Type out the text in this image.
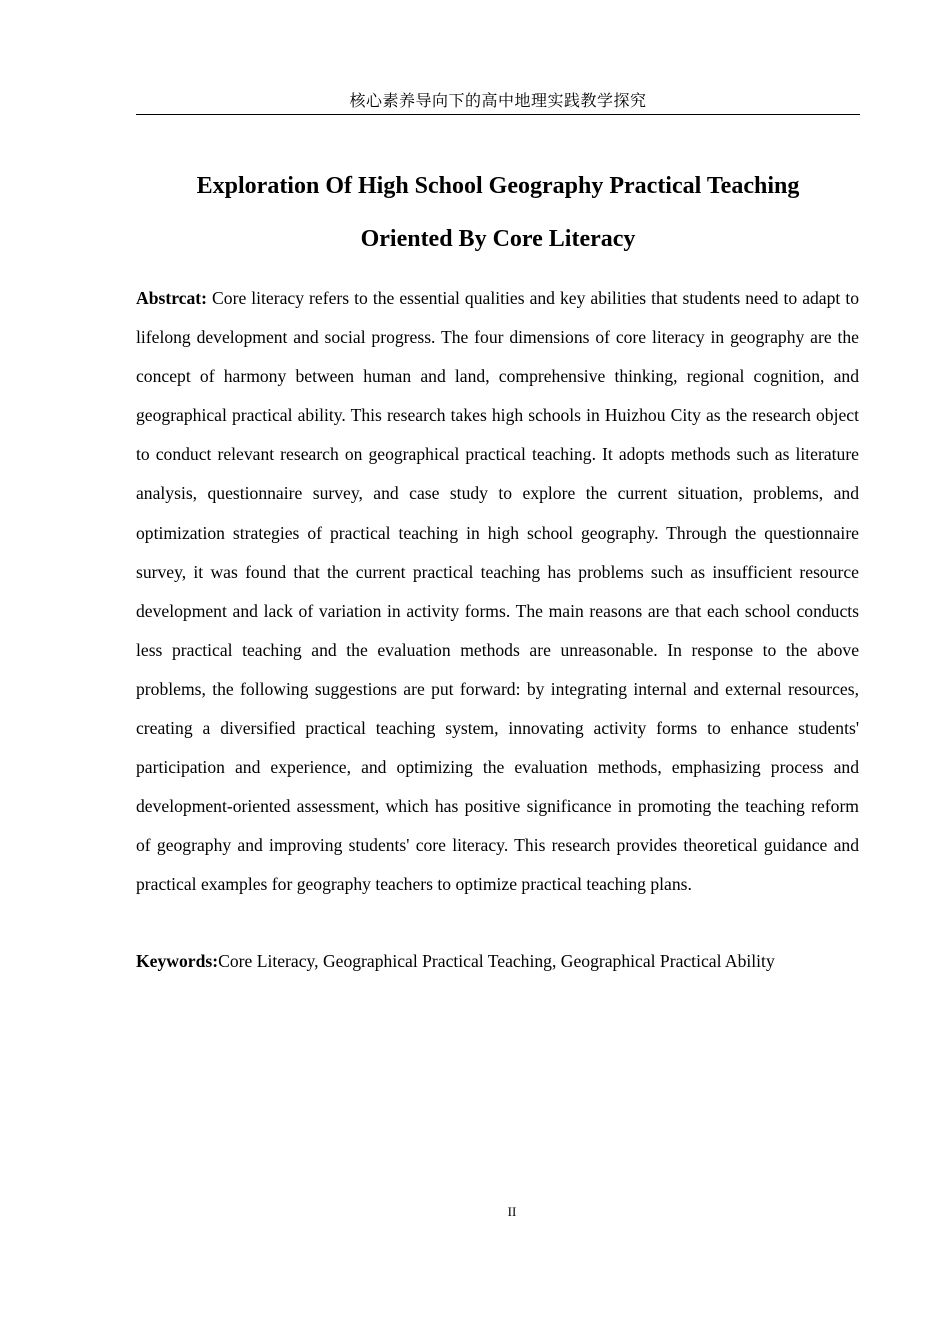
核心素养导向下的高中地理实践教学探究
Exploration Of High School Geography Practical Teaching
Oriented By Core Literacy

Abstrcat: Core literacy refers to the essential qualities and key abilities that students need to adapt to lifelong development and social progress. The four dimensions of core literacy in geography are the concept of harmony between human and land, comprehensive thinking, regional cognition, and geographical practical ability. This research takes high schools in Huizhou City as the research object to conduct relevant research on geographical practical teaching. It adopts methods such as literature analysis, questionnaire survey, and case study to explore the current situation, problems, and optimization strategies of practical teaching in high school geography. Through the questionnaire survey, it was found that the current practical teaching has problems such as insufficient resource development and lack of variation in activity forms. The main reasons are that each school conducts less practical teaching and the evaluation methods are unreasonable. In response to the above problems, the following suggestions are put forward: by integrating internal and external resources, creating a diversified practical teaching system, innovating activity forms to enhance students' participation and experience, and optimizing the evaluation methods, emphasizing process and development-oriented assessment, which has positive significance in promoting the teaching reform of geography and improving students' core literacy. This research provides theoretical guidance and practical examples for geography teachers to optimize practical teaching plans.

Keywords:Core Literacy, Geographical Practical Teaching, Geographical Practical Ability

II
